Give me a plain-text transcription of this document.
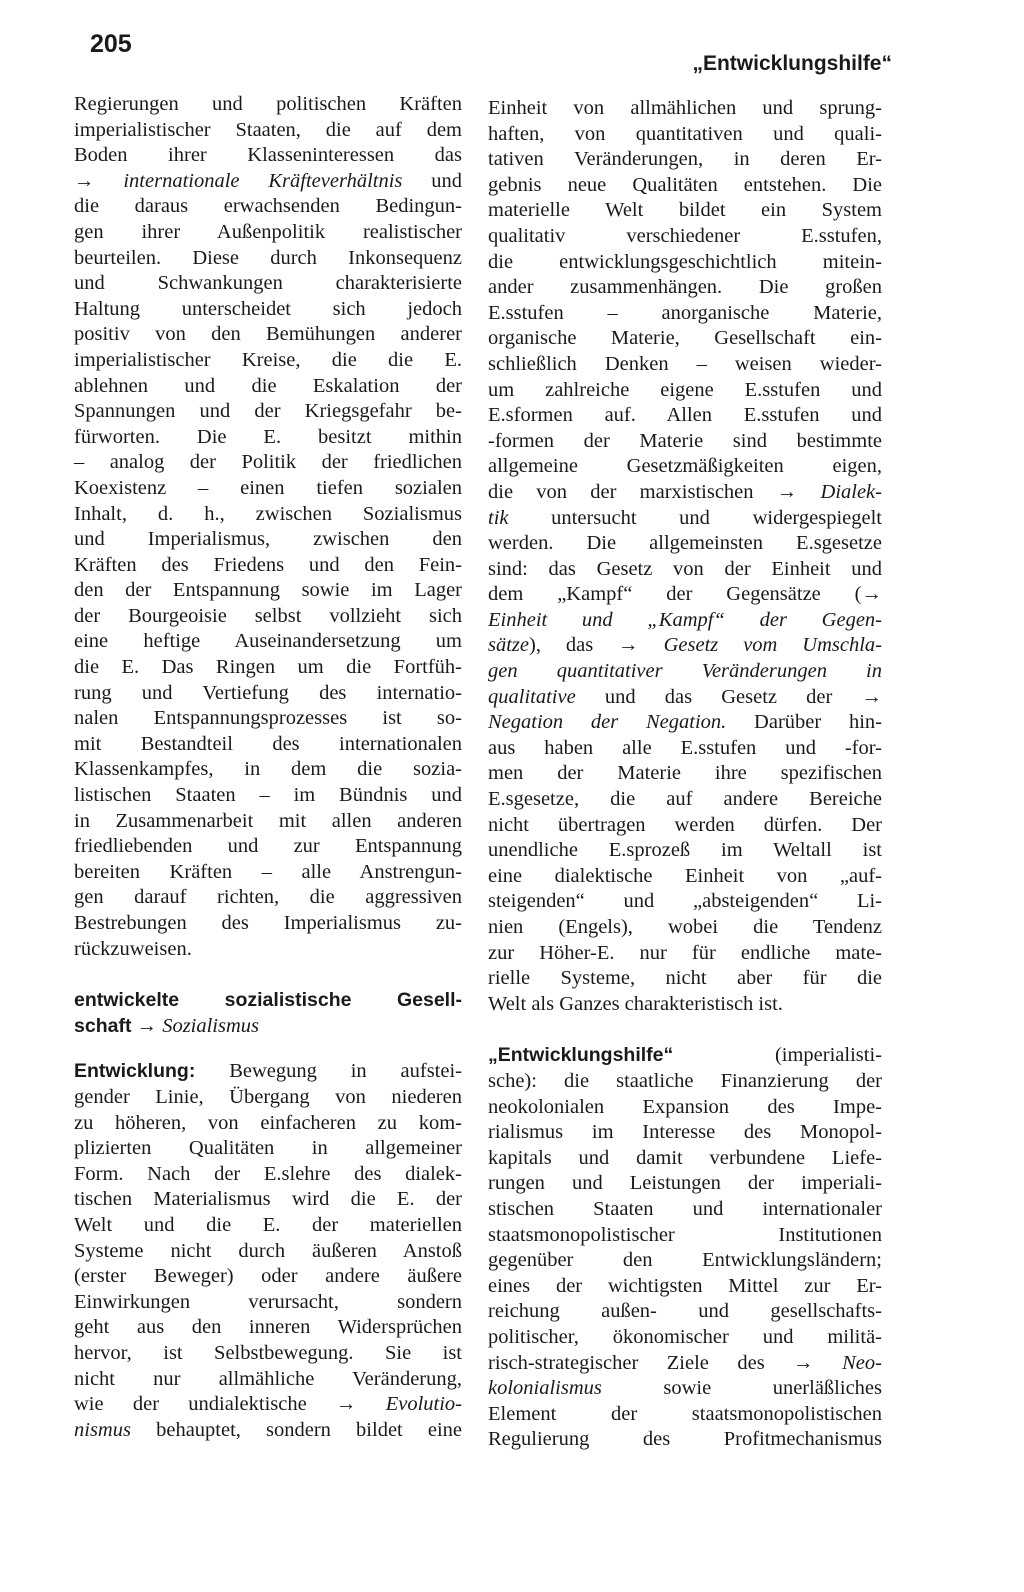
205
„Entwicklungshilfe“
Regierungen und politischen Kräften
imperialistischer Staaten, die auf dem
Boden ihrer Klasseninteressen das
→ internationale Kräfteverhältnis und
die daraus erwachsenden Bedingun-
gen ihrer Außenpolitik realistischer
beurteilen. Diese durch Inkonsequenz
und Schwankungen charakterisierte
Haltung unterscheidet sich jedoch
positiv von den Bemühungen anderer
imperialistischer Kreise, die die E.
ablehnen und die Eskalation der
Spannungen und der Kriegsgefahr be-
fürworten. Die E. besitzt mithin
– analog der Politik der friedlichen
Koexistenz – einen tiefen sozialen
Inhalt, d. h., zwischen Sozialismus
und Imperialismus, zwischen den
Kräften des Friedens und den Fein-
den der Entspannung sowie im Lager
der Bourgeoisie selbst vollzieht sich
eine heftige Auseinandersetzung um
die E. Das Ringen um die Fortfüh-
rung und Vertiefung des internatio-
nalen Entspannungsprozesses ist so-
mit Bestandteil des internationalen
Klassenkampfes, in dem die sozia-
listischen Staaten – im Bündnis und
in Zusammenarbeit mit allen anderen
friedliebenden und zur Entspannung
bereiten Kräften – alle Anstrengun-
gen darauf richten, die aggressiven
Bestrebungen des Imperialismus zu-
rückzuweisen.
entwickelte sozialistische Gesell-
schaft → Sozialismus
Entwicklung: Bewegung in aufstei-
gender Linie, Übergang von niederen
zu höheren, von einfacheren zu kom-
plizierten Qualitäten in allgemeiner
Form. Nach der E.slehre des dialek-
tischen Materialismus wird die E. der
Welt und die E. der materiellen
Systeme nicht durch äußeren Anstoß
(erster Beweger) oder andere äußere
Einwirkungen verursacht, sondern
geht aus den inneren Widersprüchen
hervor, ist Selbstbewegung. Sie ist
nicht nur allmähliche Veränderung,
wie der undialektische → Evolutio-
nismus behauptet, sondern bildet eine
Einheit von allmählichen und sprung-
haften, von quantitativen und quali-
tativen Veränderungen, in deren Er-
gebnis neue Qualitäten entstehen. Die
materielle Welt bildet ein System
qualitativ verschiedener E.sstufen,
die entwicklungsgeschichtlich mitein-
ander zusammenhängen. Die großen
E.sstufen – anorganische Materie,
organische Materie, Gesellschaft ein-
schließlich Denken – weisen wieder-
um zahlreiche eigene E.sstufen und
E.sformen auf. Allen E.sstufen und
-formen der Materie sind bestimmte
allgemeine Gesetzmäßigkeiten eigen,
die von der marxistischen → Dialek-
tik untersucht und widergespiegelt
werden. Die allgemeinsten E.sgesetze
sind: das Gesetz von der Einheit und
dem „Kampf“ der Gegensätze (→
Einheit und „Kampf“ der Gegen-
sätze), das → Gesetz vom Umschla-
gen quantitativer Veränderungen in
qualitative und das Gesetz der →
Negation der Negation. Darüber hin-
aus haben alle E.sstufen und -for-
men der Materie ihre spezifischen
E.sgesetze, die auf andere Bereiche
nicht übertragen werden dürfen. Der
unendliche E.sprozeß im Weltall ist
eine dialektische Einheit von „auf-
steigenden“ und „absteigenden“ Li-
nien (Engels), wobei die Tendenz
zur Höher-E. nur für endliche mate-
rielle Systeme, nicht aber für die
Welt als Ganzes charakteristisch ist.
„Entwicklungshilfe“ (imperialisti-
sche): die staatliche Finanzierung der
neokolonialen Expansion des Impe-
rialismus im Interesse des Monopol-
kapitals und damit verbundene Liefe-
rungen und Leistungen der imperiali-
stischen Staaten und internationaler
staatsmonopolistischer Institutionen
gegenüber den Entwicklungsländern;
eines der wichtigsten Mittel zur Er-
reichung außen- und gesellschafts-
politischer, ökonomischer und militä-
risch-strategischer Ziele des → Neo-
kolonialismus sowie unerläßliches
Element der staatsmonopolistischen
Regulierung des Profitmechanismus
